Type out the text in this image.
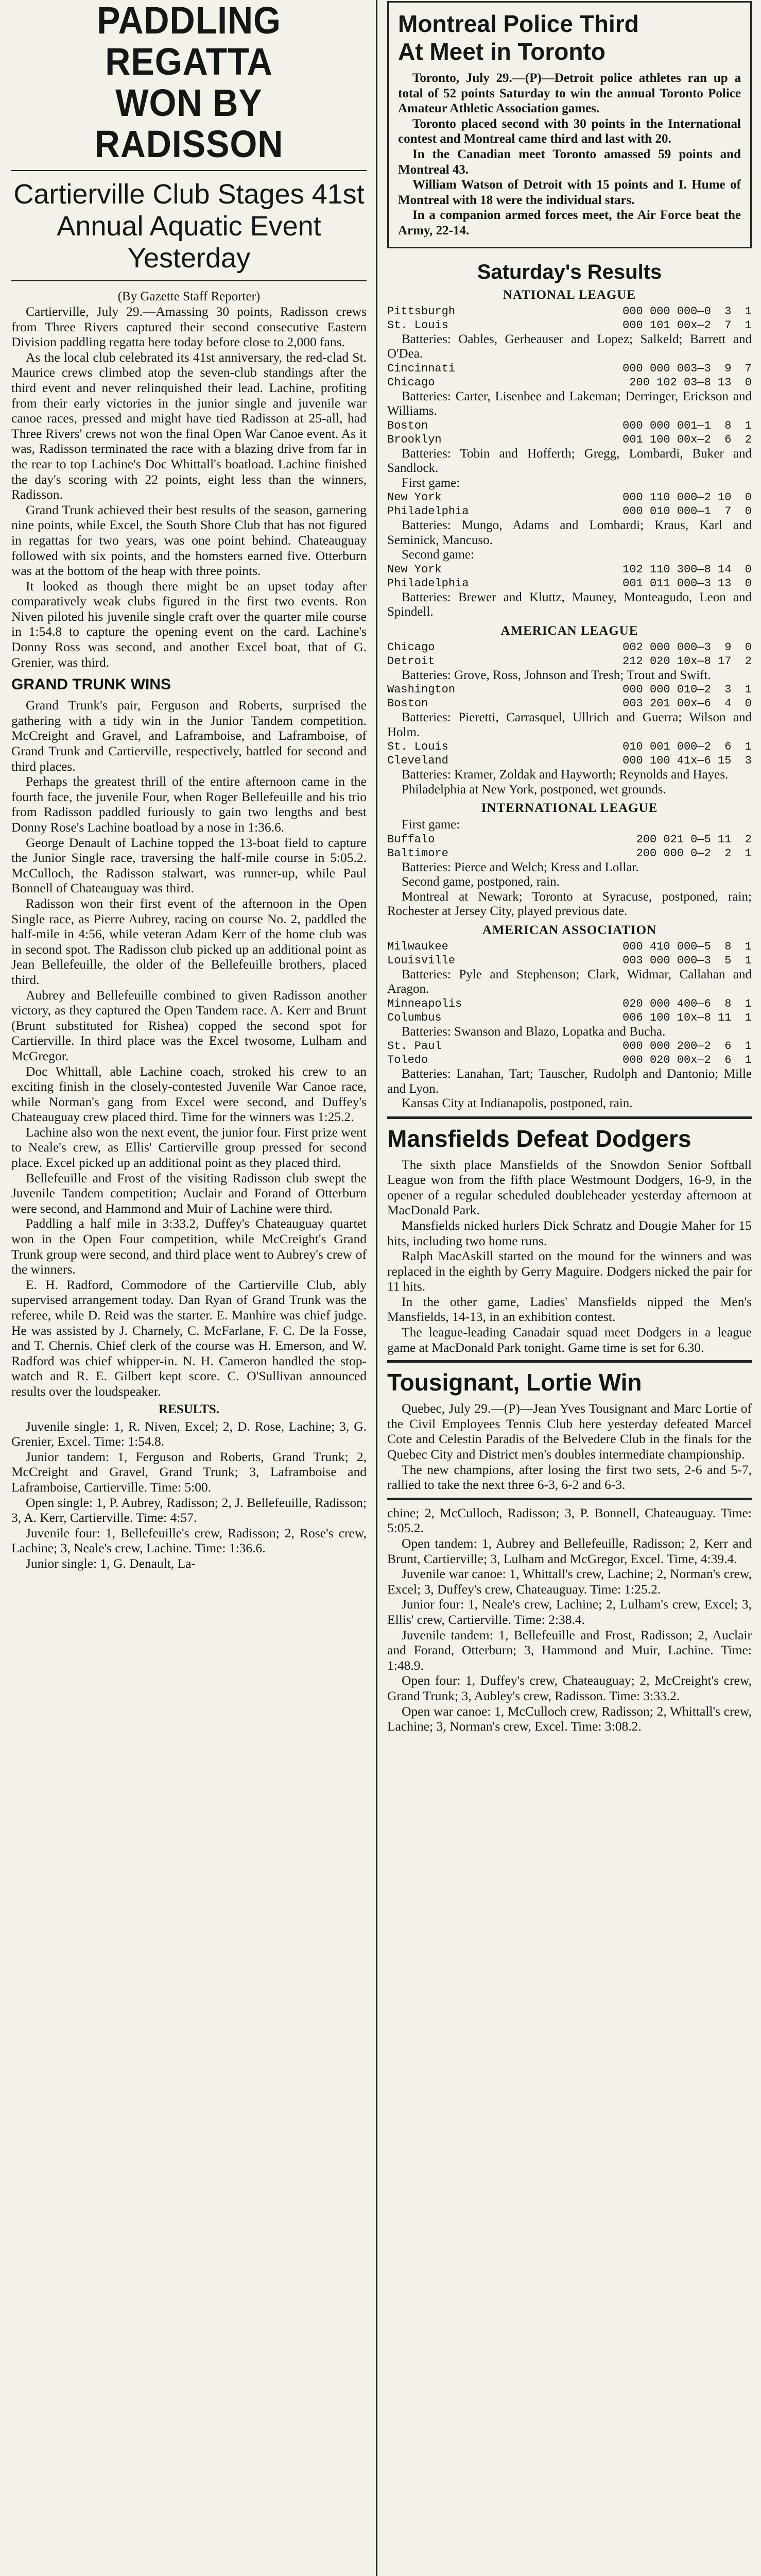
PADDLING REGATTA
WON BY RADISSON
Cartierville Club Stages 41st
Annual Aquatic Event
Yesterday
(By Gazette Staff Reporter)

Cartierville, July 29.—Amassing 30 points, Radisson crews from Three Rivers captured their second consecutive Eastern Division paddling regatta here today before close to 2,000 fans.

As the local club celebrated its 41st anniversary, the red-clad St. Maurice crews climbed atop the seven-club standings after the third event and never relinquished their lead. Lachine, profiting from their early victories in the junior single and juvenile war canoe races, pressed and might have tied Radisson at 25-all, had Three Rivers' crews not won the final Open War Canoe event. As it was, Radisson terminated the race with a blazing drive from far in the rear to top Lachine's Doc Whittall's boatload. Lachine finished the day's scoring with 22 points, eight less than the winners, Radisson.

Grand Trunk achieved their best results of the season, garnering nine points, while Excel, the South Shore Club that has not figured in regattas for two years, was one point behind. Chateauguay followed with six points, and the homsters earned five. Otterburn was at the bottom of the heap with three points.

It looked as though there might be an upset today after comparatively weak clubs figured in the first two events. Ron Niven piloted his juvenile single craft over the quarter mile course in 1:54.8 to capture the opening event on the card. Lachine's Donny Ross was second, and another Excel boat, that of G. Grenier, was third.

GRAND TRUNK WINS

Grand Trunk's pair, Ferguson and Roberts, surprised the gathering with a tidy win in the Junior Tandem competition. McCreight and Gravel, and Laframboise, and Laframboise, of Grand Trunk and Cartierville, respectively, battled for second and third places.

Perhaps the greatest thrill of the entire afternoon came in the fourth face, the juvenile Four, when Roger Bellefeuille and his trio from Radisson paddled furiously to gain two lengths and best Donny Rose's Lachine boatload by a nose in 1:36.6.

George Denault of Lachine topped the 13-boat field to capture the Junior Single race, traversing the half-mile course in 5:05.2. McCulloch, the Radisson stalwart, was runner-up, while Paul Bonnell of Chateauguay was third.

Radisson won their first event of the afternoon in the Open Single race, as Pierre Aubrey, racing on course No. 2, paddled the half-mile in 4:56, while veteran Adam Kerr of the home club was in second spot. The Radisson club picked up an additional point as Jean Bellefeuille, the older of the Bellefeuille brothers, placed third.

Aubrey and Bellefeuille combined to given Radisson another victory, as they captured the Open Tandem race. A. Kerr and Brunt (Brunt substituted for Rishea) copped the second spot for Cartierville. In third place was the Excel twosome, Lulham and McGregor.

Doc Whittall, able Lachine coach, stroked his crew to an exciting finish in the closely-contested Juvenile War Canoe race, while Norman's gang from Excel were second, and Duffey's Chateauguay crew placed third. Time for the winners was 1:25.2.

Lachine also won the next event, the junior four. First prize went to Neale's crew, as Ellis' Cartierville group pressed for second place. Excel picked up an additional point as they placed third.

Bellefeuille and Frost of the visiting Radisson club swept the Juvenile Tandem competition; Auclair and Forand of Otterburn were second, and Hammond and Muir of Lachine were third.

Paddling a half mile in 3:33.2, Duffey's Chateauguay quartet won in the Open Four competition, while McCreight's Grand Trunk group were second, and third place went to Aubrey's crew of the winners.

E. H. Radford, Commodore of the Cartierville Club, ably supervised arrangement today. Dan Ryan of Grand Trunk was the referee, while D. Reid was the starter. E. Manhire was chief judge. He was assisted by J. Charnely, C. McFarlane, F. C. De la Fosse, and T. Chernis. Chief clerk of the course was H. Emerson, and W. Radford was chief whipper-in. N. H. Cameron handled the stop-watch and R. E. Gilbert kept score. C. O'Sullivan announced results over the loudspeaker.

RESULTS.

Juvenile single: 1, R. Niven, Excel; 2, D. Rose, Lachine; 3, G. Grenier, Excel. Time: 1:54.8.

Junior tandem: 1, Ferguson and Roberts, Grand Trunk; 2, McCreight and Gravel, Grand Trunk; 3, Laframboise and Laframboise, Cartierville. Time: 5:00.

Open single: 1, P. Aubrey, Radisson; 2, J. Bellefeuille, Radisson; 3, A. Kerr, Cartierville. Time: 4:57.

Juvenile four: 1, Bellefeuille's crew, Radisson; 2, Rose's crew, Lachine; 3, Neale's crew, Lachine. Time: 1:36.6.

Junior single: 1, G. Denault, La-

Montreal Police Third
At Meet in Toronto

Toronto, July 29.—(P)—Detroit police athletes ran up a total of 52 points Saturday to win the annual Toronto Police Amateur Athletic Association games.

Toronto placed second with 30 points in the International contest and Montreal came third and last with 20.

In the Canadian meet Toronto amassed 59 points and Montreal 43.

William Watson of Detroit with 15 points and I. Hume of Montreal with 18 were the individual stars.

In a companion armed forces meet, the Air Force beat the Army, 22-14.

Saturday's Results
NATIONAL LEAGUE
Pittsburgh	000 000 000—0  3  1
St. Louis	000 101 00x—2  7  1

Batteries: Oables, Gerheauser and Lopez; Salkeld; Barrett and O'Dea.

Cincinnati	000 000 003—3  9  7
Chicago	200 102 03—8 13  0

Batteries: Carter, Lisenbee and Lakeman; Derringer, Erickson and Williams.

Boston	000 000 001—1  8  1
Brooklyn	001 100 00x—2  6  2

Batteries: Tobin and Hofferth; Gregg, Lombardi, Buker and Sandlock.

First game:

New York	000 110 000—2 10  0
Philadelphia	000 010 000—1  7  0

Batteries: Mungo, Adams and Lombardi; Kraus, Karl and Seminick, Mancuso.

Second game:

New York	102 110 300—8 14  0
Philadelphia	001 011 000—3 13  0

Batteries: Brewer and Kluttz, Mauney, Monteagudo, Leon and Spindell.

AMERICAN LEAGUE
Chicago	002 000 000—3  9  0
Detroit	212 020 10x—8 17  2

Batteries: Grove, Ross, Johnson and Tresh; Trout and Swift.

Washington	000 000 010—2  3  1
Boston	003 201 00x—6  4  0

Batteries: Pieretti, Carrasquel, Ullrich and Guerra; Wilson and Holm.

St. Louis	010 001 000—2  6  1
Cleveland	000 100 41x—6 15  3

Batteries: Kramer, Zoldak and Hayworth; Reynolds and Hayes.

Philadelphia at New York, postponed, wet grounds.

INTERNATIONAL LEAGUE

First game:

Buffalo	200 021 0—5 11  2
Baltimore	200 000 0—2  2  1

Batteries: Pierce and Welch; Kress and Lollar.

Second game, postponed, rain.

Montreal at Newark; Toronto at Syracuse, postponed, rain; Rochester at Jersey City, played previous date.

AMERICAN ASSOCIATION
Milwaukee	000 410 000—5  8  1
Louisville	003 000 000—3  5  1

Batteries: Pyle and Stephenson; Clark, Widmar, Callahan and Aragon.

Minneapolis	020 000 400—6  8  1
Columbus	006 100 10x—8 11  1

Batteries: Swanson and Blazo, Lopatka and Bucha.

St. Paul	000 000 200—2  6  1
Toledo	000 020 00x—2  6  1

Batteries: Lanahan, Tart; Tauscher, Rudolph and Dantonio; Mille and Lyon.

Kansas City at Indianapolis, postponed, rain.

Mansfields Defeat Dodgers

The sixth place Mansfields of the Snowdon Senior Softball League won from the fifth place Westmount Dodgers, 16-9, in the opener of a regular scheduled doubleheader yesterday afternoon at MacDonald Park.

Mansfields nicked hurlers Dick Schratz and Dougie Maher for 15 hits, including two home runs.

Ralph MacAskill started on the mound for the winners and was replaced in the eighth by Gerry Maguire. Dodgers nicked the pair for 11 hits.

In the other game, Ladies' Mansfields nipped the Men's Mansfields, 14-13, in an exhibition contest.

The league-leading Canadair squad meet Dodgers in a league game at MacDonald Park tonight. Game time is set for 6.30.

Tousignant, Lortie Win

Quebec, July 29.—(P)—Jean Yves Tousignant and Marc Lortie of the Civil Employees Tennis Club here yesterday defeated Marcel Cote and Celestin Paradis of the Belvedere Club in the finals for the Quebec City and District men's doubles intermediate championship.

The new champions, after losing the first two sets, 2-6 and 5-7, rallied to take the next three 6-3, 6-2 and 6-3.

chine; 2, McCulloch, Radisson; 3, P. Bonnell, Chateauguay. Time: 5:05.2.

Open tandem: 1, Aubrey and Bellefeuille, Radisson; 2, Kerr and Brunt, Cartierville; 3, Lulham and McGregor, Excel. Time, 4:39.4.

Juvenile war canoe: 1, Whittall's crew, Lachine; 2, Norman's crew, Excel; 3, Duffey's crew, Chateauguay. Time: 1:25.2.

Junior four: 1, Neale's crew, Lachine; 2, Lulham's crew, Excel; 3, Ellis' crew, Cartierville. Time: 2:38.4.

Juvenile tandem: 1, Bellefeuille and Frost, Radisson; 2, Auclair and Forand, Otterburn; 3, Hammond and Muir, Lachine. Time: 1:48.9.

Open four: 1, Duffey's crew, Chateauguay; 2, McCreight's crew, Grand Trunk; 3, Aubley's crew, Radisson. Time: 3:33.2.

Open war canoe: 1, McCulloch crew, Radisson; 2, Whittall's crew, Lachine; 3, Norman's crew, Excel. Time: 3:08.2.
